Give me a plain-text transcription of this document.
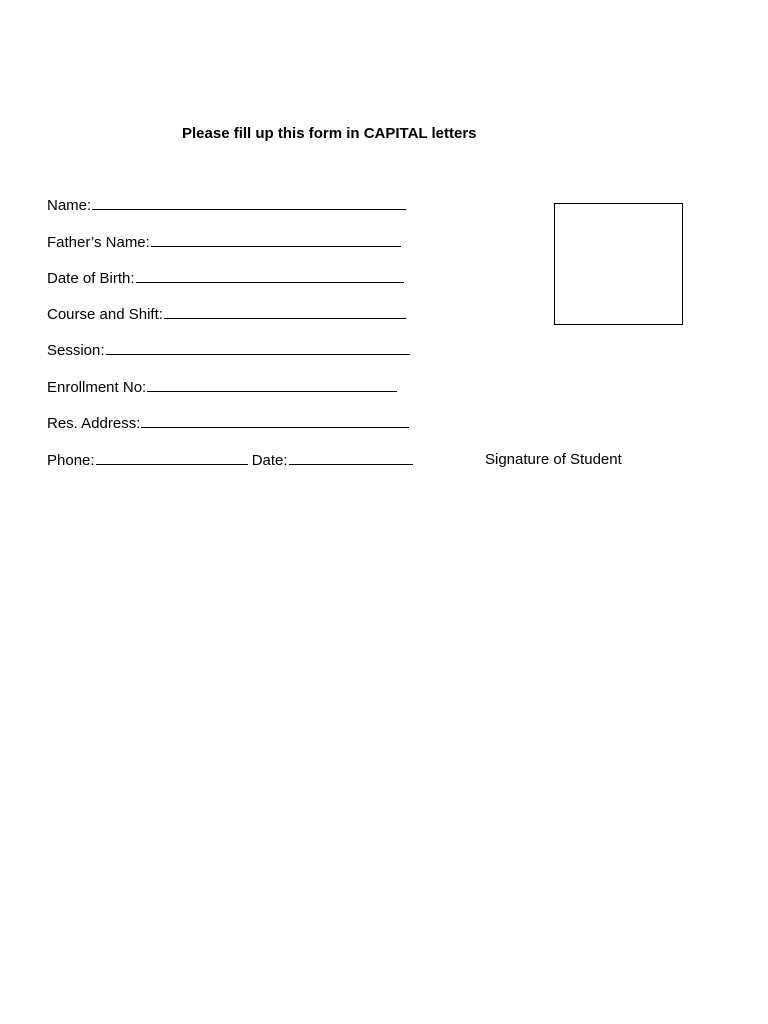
Please fill up this form in CAPITAL letters
Name:
Father’s Name:
Date of Birth:
Course and Shift:
Session:
Enrollment No:
Res. Address:
Phone:	Date:	Signature of Student
